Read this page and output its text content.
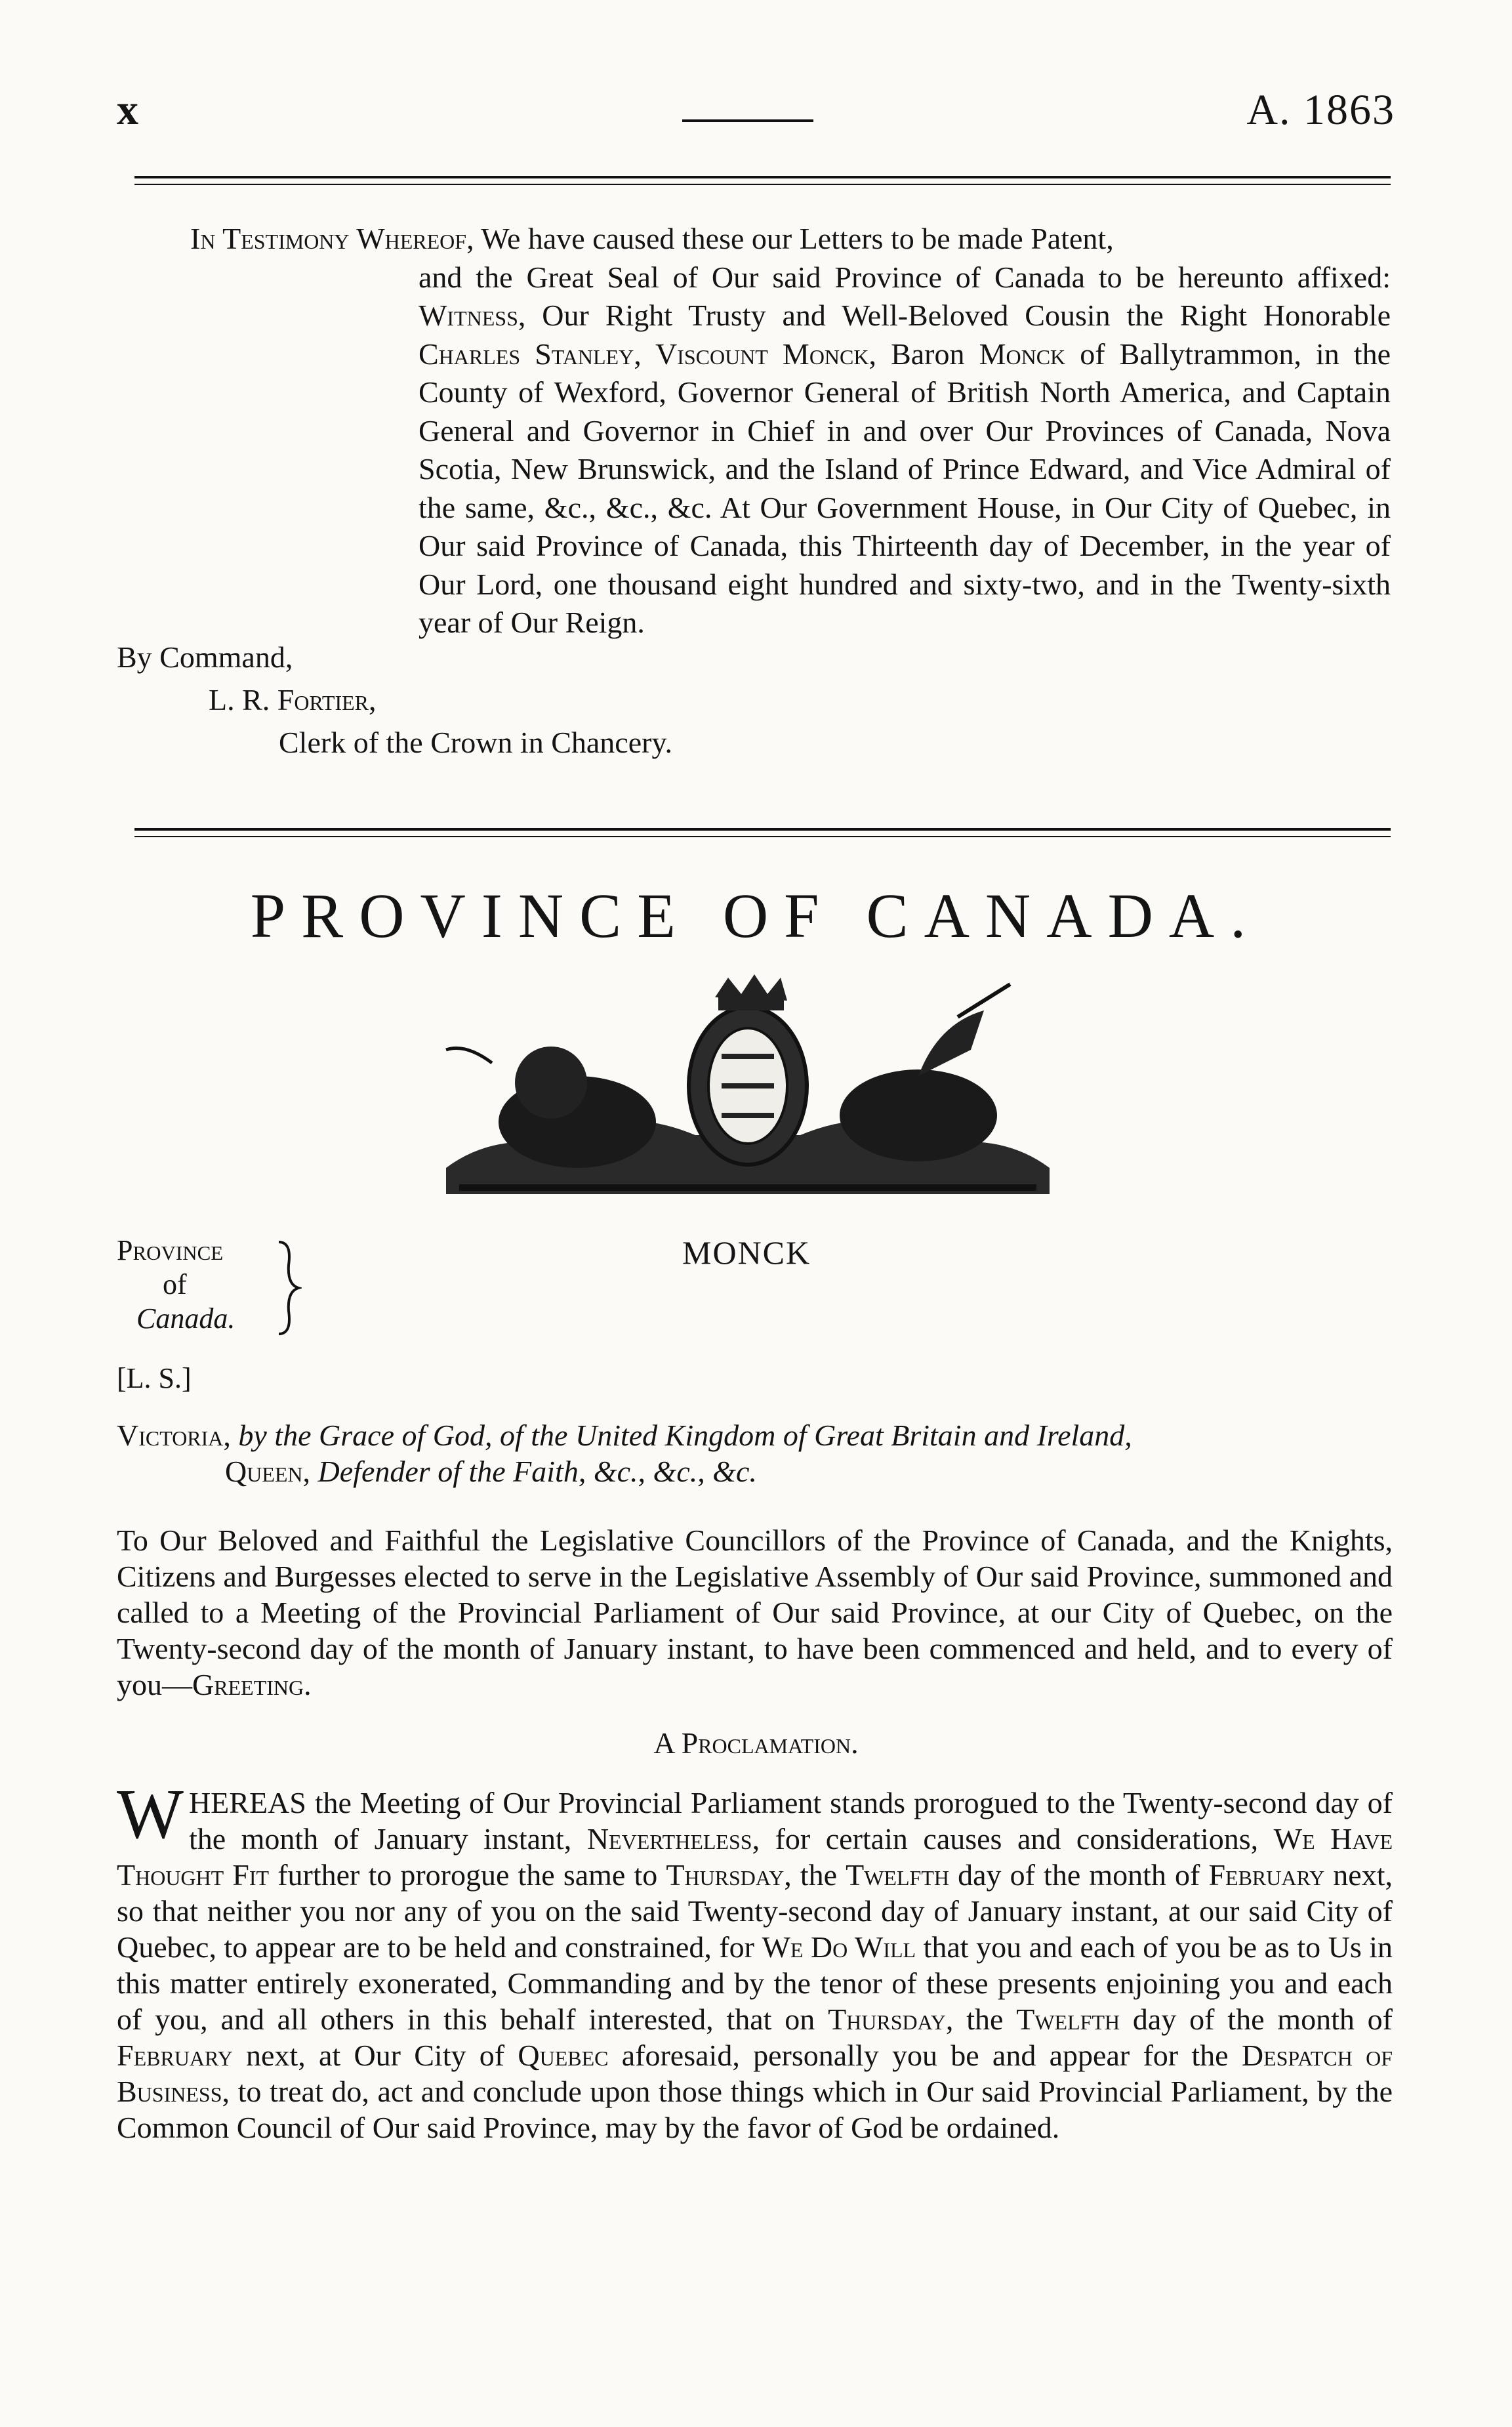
x	A. 1863
In Testimony Whereof, We have caused these our Letters to be made Patent,
and the Great Seal of Our said Province of Canada to be hereunto affixed: Witness, Our Right Trusty and Well-Beloved Cousin the Right Honorable Charles Stanley, Viscount Monck, Baron Monck of Ballytrammon, in the County of Wexford, Governor General of British North America, and Captain General and Governor in Chief in and over Our Provinces of Canada, Nova Scotia, New Brunswick, and the Island of Prince Edward, and Vice Admiral of the same, &c., &c., &c. At Our Government House, in Our City of Quebec, in Our said Province of Canada, this Thirteenth day of December, in the year of Our Lord, one thousand eight hundred and sixty-two, and in the Twenty-sixth year of Our Reign.
By Command,
L. R. Fortier,
Clerk of the Crown in Chancery.
PROVINCE OF CANADA.
Province
of
Canada.
MONCK
[L. S.]
Victoria, by the Grace of God, of the United Kingdom of Great Britain and Ireland,
Queen, Defender of the Faith, &c., &c., &c.
To Our Beloved and Faithful the Legislative Councillors of the Province of Canada, and the Knights, Citizens and Burgesses elected to serve in the Legislative Assembly of Our said Province, summoned and called to a Meeting of the Provincial Parliament of Our said Province, at our City of Quebec, on the Twenty-second day of the month of January instant, to have been commenced and held, and to every of you—Greeting.
A Proclamation.
WHEREAS the Meeting of Our Provincial Parliament stands prorogued to the Twenty-second day of the month of January instant, Nevertheless, for certain causes and considerations, We Have Thought Fit further to prorogue the same to Thursday, the Twelfth day of the month of February next, so that neither you nor any of you on the said Twenty-second day of January instant, at our said City of Quebec, to appear are to be held and constrained, for We Do Will that you and each of you be as to Us in this matter entirely exonerated, Commanding and by the tenor of these presents enjoining you and each of you, and all others in this behalf interested, that on Thursday, the Twelfth day of the month of February next, at Our City of Quebec aforesaid, personally you be and appear for the Despatch of Business, to treat do, act and conclude upon those things which in Our said Provincial Parliament, by the Common Council of Our said Province, may by the favor of God be ordained.
